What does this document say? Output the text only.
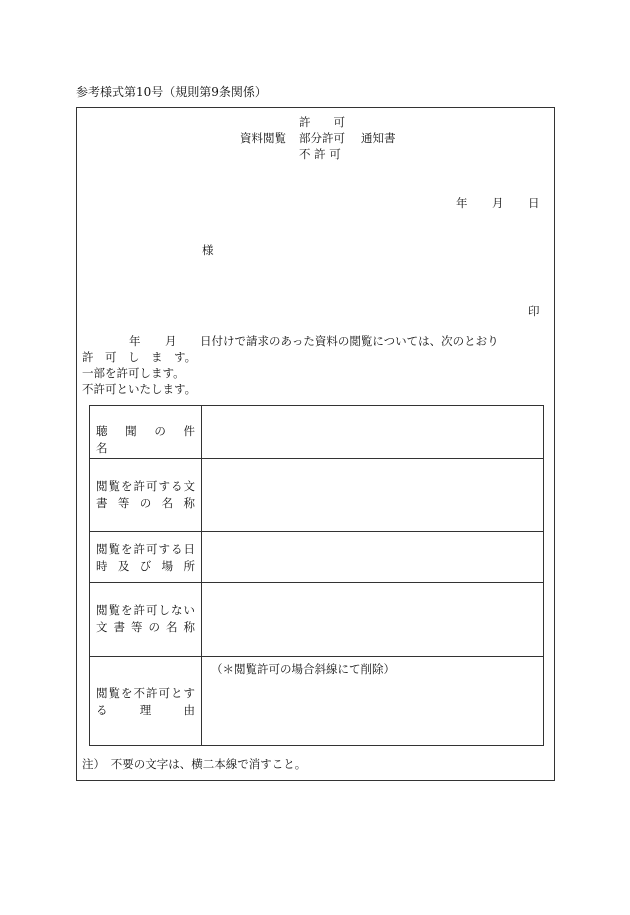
参考様式第10号（規則第9条関係）
許　　可
資料閲覧 部分許可 通知書
不 許 可
年 月 日
様
印
年 月 日付けで請求のあった資料の閲覧については、次のとおり
許　可　し　ま　す。
一部を許可します。
不許可といたします。
聴　聞　の　件　名
閲覧を許可する文書等の名称
閲覧を許可する日時及び場所
閲覧を許可しない文書等の名称
閲覧を不許可とする理由
（＊閲覧許可の場合斜線にて削除）
注）　不要の文字は、横二本線で消すこと。
